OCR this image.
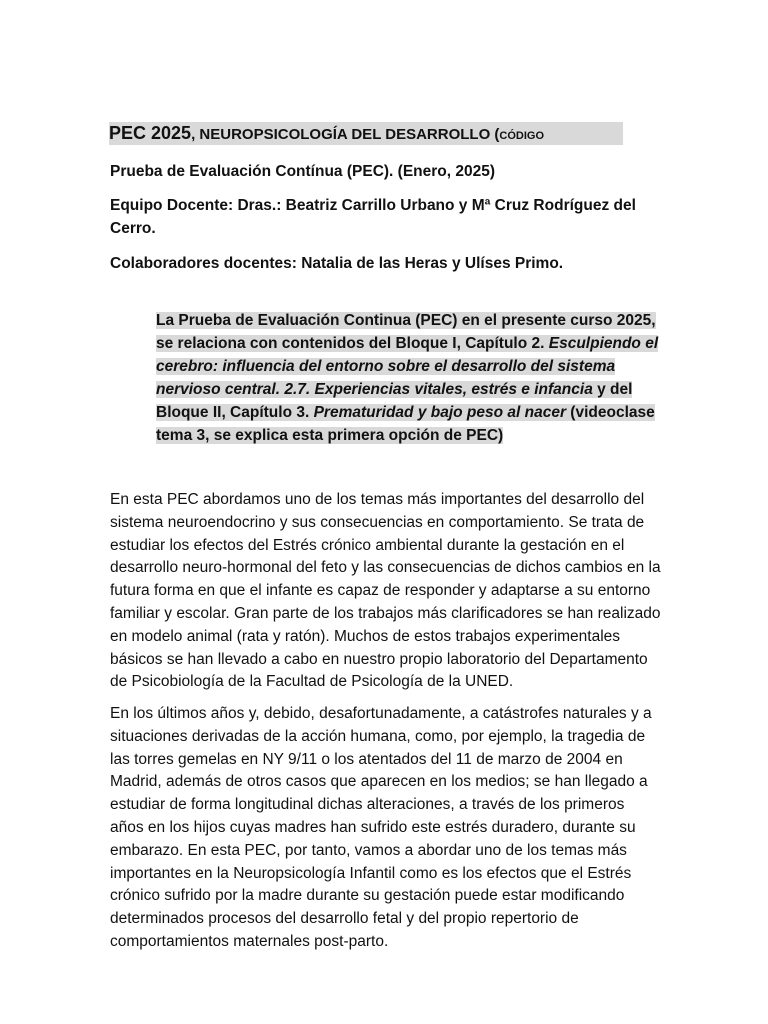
PEC 2025, NEUROPSICOLOGÍA DEL DESARROLLO (CÓDIGO

Prueba de Evaluación Contínua (PEC). (Enero, 2025)

Equipo Docente: Dras.: Beatriz Carrillo Urbano y Mª Cruz Rodríguez del Cerro.

Colaboradores docentes: Natalia de las Heras y Ulíses Primo.

La Prueba de Evaluación Continua (PEC) en el presente curso 2025, se relaciona con contenidos del Bloque I, Capítulo 2. Esculpiendo el cerebro: influencia del entorno sobre el desarrollo del sistema nervioso central. 2.7. Experiencias vitales, estrés e infancia y del Bloque II, Capítulo 3. Prematuridad y bajo peso al nacer (videoclase tema 3, se explica esta primera opción de PEC)

En esta PEC abordamos uno de los temas más importantes del desarrollo del sistema neuroendocrino y sus consecuencias en comportamiento. Se trata de estudiar los efectos del Estrés crónico ambiental durante la gestación en el desarrollo neuro-hormonal del feto y las consecuencias de dichos cambios en la futura forma en que el infante es capaz de responder y adaptarse a su entorno familiar y escolar. Gran parte de los trabajos más clarificadores se han realizado en modelo animal (rata y ratón). Muchos de estos trabajos experimentales básicos se han llevado a cabo en nuestro propio laboratorio del Departamento de Psicobiología de la Facultad de Psicología de la UNED.

En los últimos años y, debido, desafortunadamente, a catástrofes naturales y a situaciones derivadas de la acción humana, como, por ejemplo, la tragedia de las torres gemelas en NY 9/11 o los atentados del 11 de marzo de 2004 en Madrid, además de otros casos que aparecen en los medios; se han llegado a estudiar de forma longitudinal dichas alteraciones, a través de los primeros años en los hijos cuyas madres han sufrido este estrés duradero, durante su embarazo. En esta PEC, por tanto, vamos a abordar uno de los temas más importantes en la Neuropsicología Infantil como es los efectos que el Estrés crónico sufrido por la madre durante su gestación puede estar modificando determinados procesos del desarrollo fetal y del propio repertorio de comportamientos maternales post-parto.
